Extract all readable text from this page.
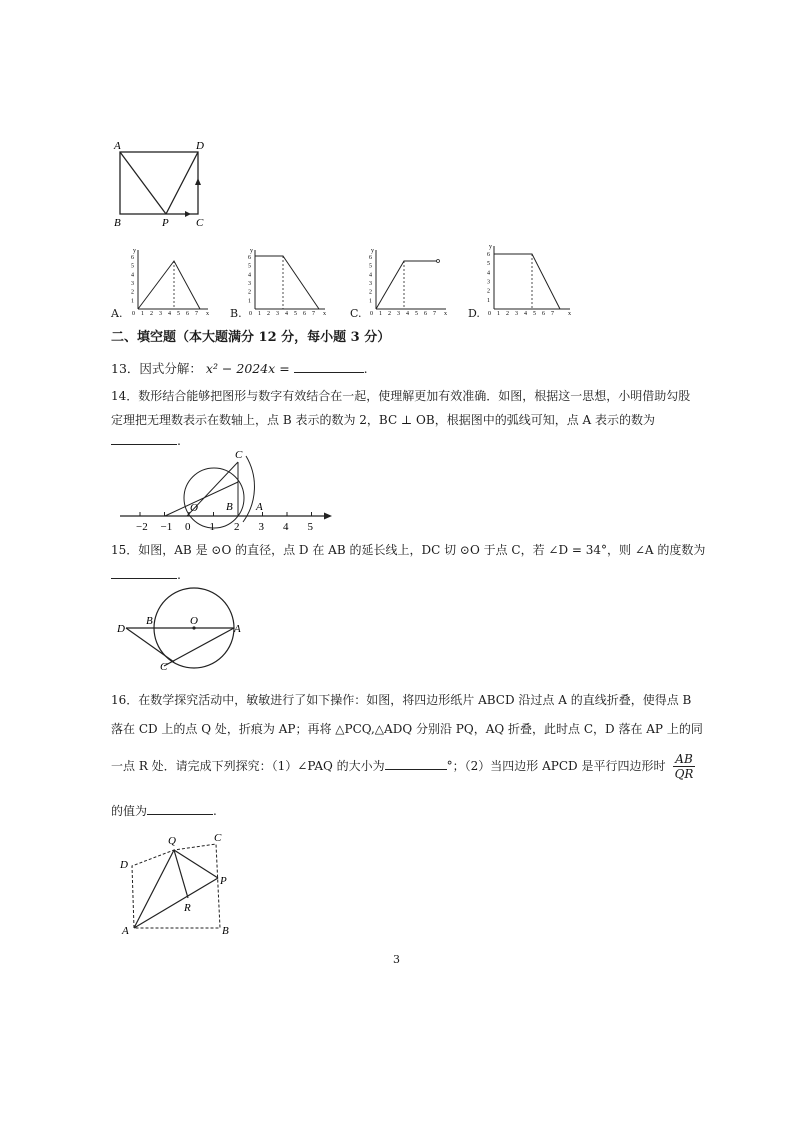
A	D
B	P C
A.
y
x
0
6
5
4
3
2
1
1 2 3 4 5 6 7	B.
y
x
0
6
5
4
3
2
1
1 2 3 4 5 6 7	C.
y
x
0
6
5
4
3
2
1
1 2 3 4 5 6 7	D.
y
x
0
6
5
4
3
2
1
1 2 3 4 5 6 7
二、填空题（本大题满分 12 分，每小题 3 分）
13．因式分解： x² − 2024x =	.
14．数形结合能够把图形与数字有效结合在一起，使理解更加有效准确．如图，根据这一思想，小明借助勾股
定理把无理数表示在数轴上，点 B 表示的数为 2，BC ⊥ OB，根据图中的弧线可知，点 A 表示的数为
.
−2 −1 0 1 2 3 4 5
C
O	B A
15．如图，AB 是 ⊙O 的直径，点 D 在 AB 的延长线上，DC 切 ⊙O 于点 C，若 ∠D = 34°，则 ∠A 的度数为
.
D
B	O
A
C
16．在数学探究活动中，敏敏进行了如下操作：如图，将四边形纸片 ABCD 沿过点 A 的直线折叠，使得点 B
落在 CD 上的点 Q 处，折痕为 AP；再将 △PCQ,△ADQ 分别沿 PQ，AQ 折叠，此时点 C，D 落在 AP 上的同
一点 R 处．请完成下列探究：（1）∠PAQ 的大小为	°；（2）当四边形 APCD 是平行四边形时 $\frac{AB}{QR}$
的值为	.
Q	C
D
P
R
A	B
3
